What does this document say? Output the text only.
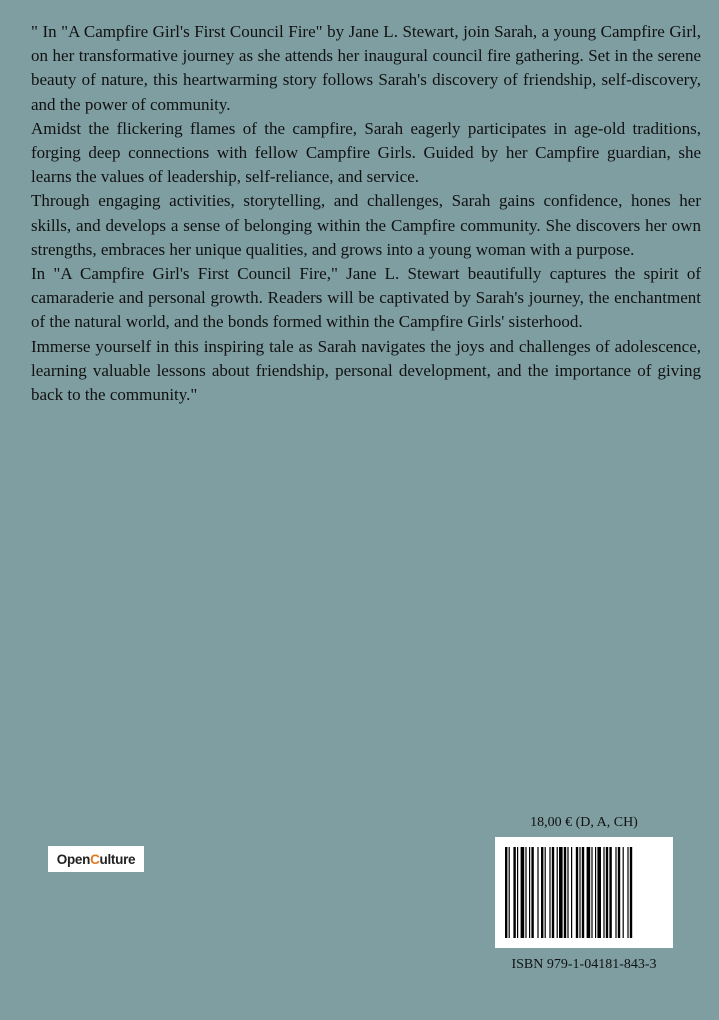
" In "A Campfire Girl's First Council Fire" by Jane L. Stewart, join Sarah, a young Campfire Girl, on her transformative journey as she attends her inaugural council fire gathering. Set in the serene beauty of nature, this heartwarming story follows Sarah's discovery of friendship, self-discovery, and the power of community.

Amidst the flickering flames of the campfire, Sarah eagerly participates in age-old traditions, forging deep connections with fellow Campfire Girls. Guided by her Campfire guardian, she learns the values of leadership, self-reliance, and service.

Through engaging activities, storytelling, and challenges, Sarah gains confidence, hones her skills, and develops a sense of belonging within the Campfire community. She discovers her own strengths, embraces her unique qualities, and grows into a young woman with a purpose.

In "A Campfire Girl's First Council Fire," Jane L. Stewart beautifully captures the spirit of camaraderie and personal growth. Readers will be captivated by Sarah's journey, the enchantment of the natural world, and the bonds formed within the Campfire Girls' sisterhood.

Immerse yourself in this inspiring tale as Sarah navigates the joys and challenges of adolescence, learning valuable lessons about friendship, personal development, and the importance of giving back to the community."

Open C ulture
18,00 € (D, A, CH)
ISBN 979-1-04181-843-3
